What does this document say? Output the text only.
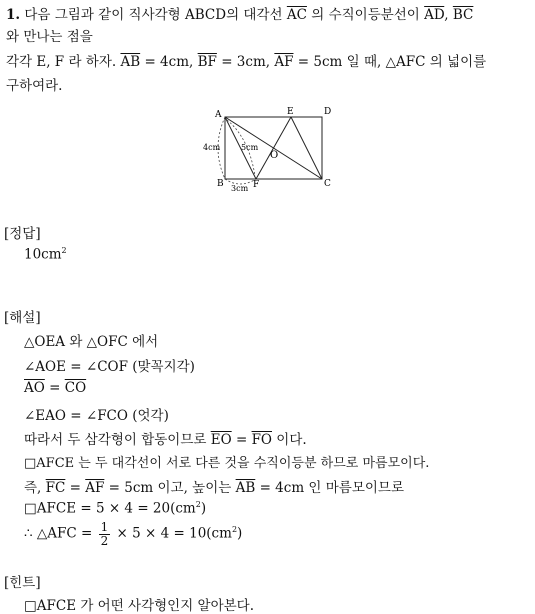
1. 다음 그림과 같이 직사각형 ABCD의 대각선 $\overline{AC}$ 의 수직이등분선이 $\overline{AD}$, $\overline{BC}$
와 만나는 점을
각각 E, F 라 하자. $\overline{AB} = 4cm$, $\overline{BF} = 3cm$, $\overline{AF} = 5cm$ 일 때, △AFC 의 넓이를
구하여라.
A	E	D
B	F	C
O
4cm	5cm
3cm
[정답]
$10cm^2$
[해설]
△OEA 와 △OFC 에서
∠AOE = ∠COF (맞꼭지각)
$\overline{AO} = \overline{CO}$
∠EAO = ∠FCO (엇각)
따라서 두 삼각형이 합동이므로 $\overline{EO} = \overline{FO}$ 이다.
□AFCE 는 두 대각선이 서로 다른 것을 수직이등분 하므로 마름모이다.
즉, $\overline{FC} = \overline{AF} = 5cm$ 이고, 높이는 $\overline{AB} = 4cm$ 인 마름모이므로
□AFCE = $5 \times 4 = 20(cm^2)$
∴ △AFC = $\frac{1}{2} \times 5 \times 4 = 10(cm^2)$
[힌트]
□AFCE 가 어떤 사각형인지 알아본다.
